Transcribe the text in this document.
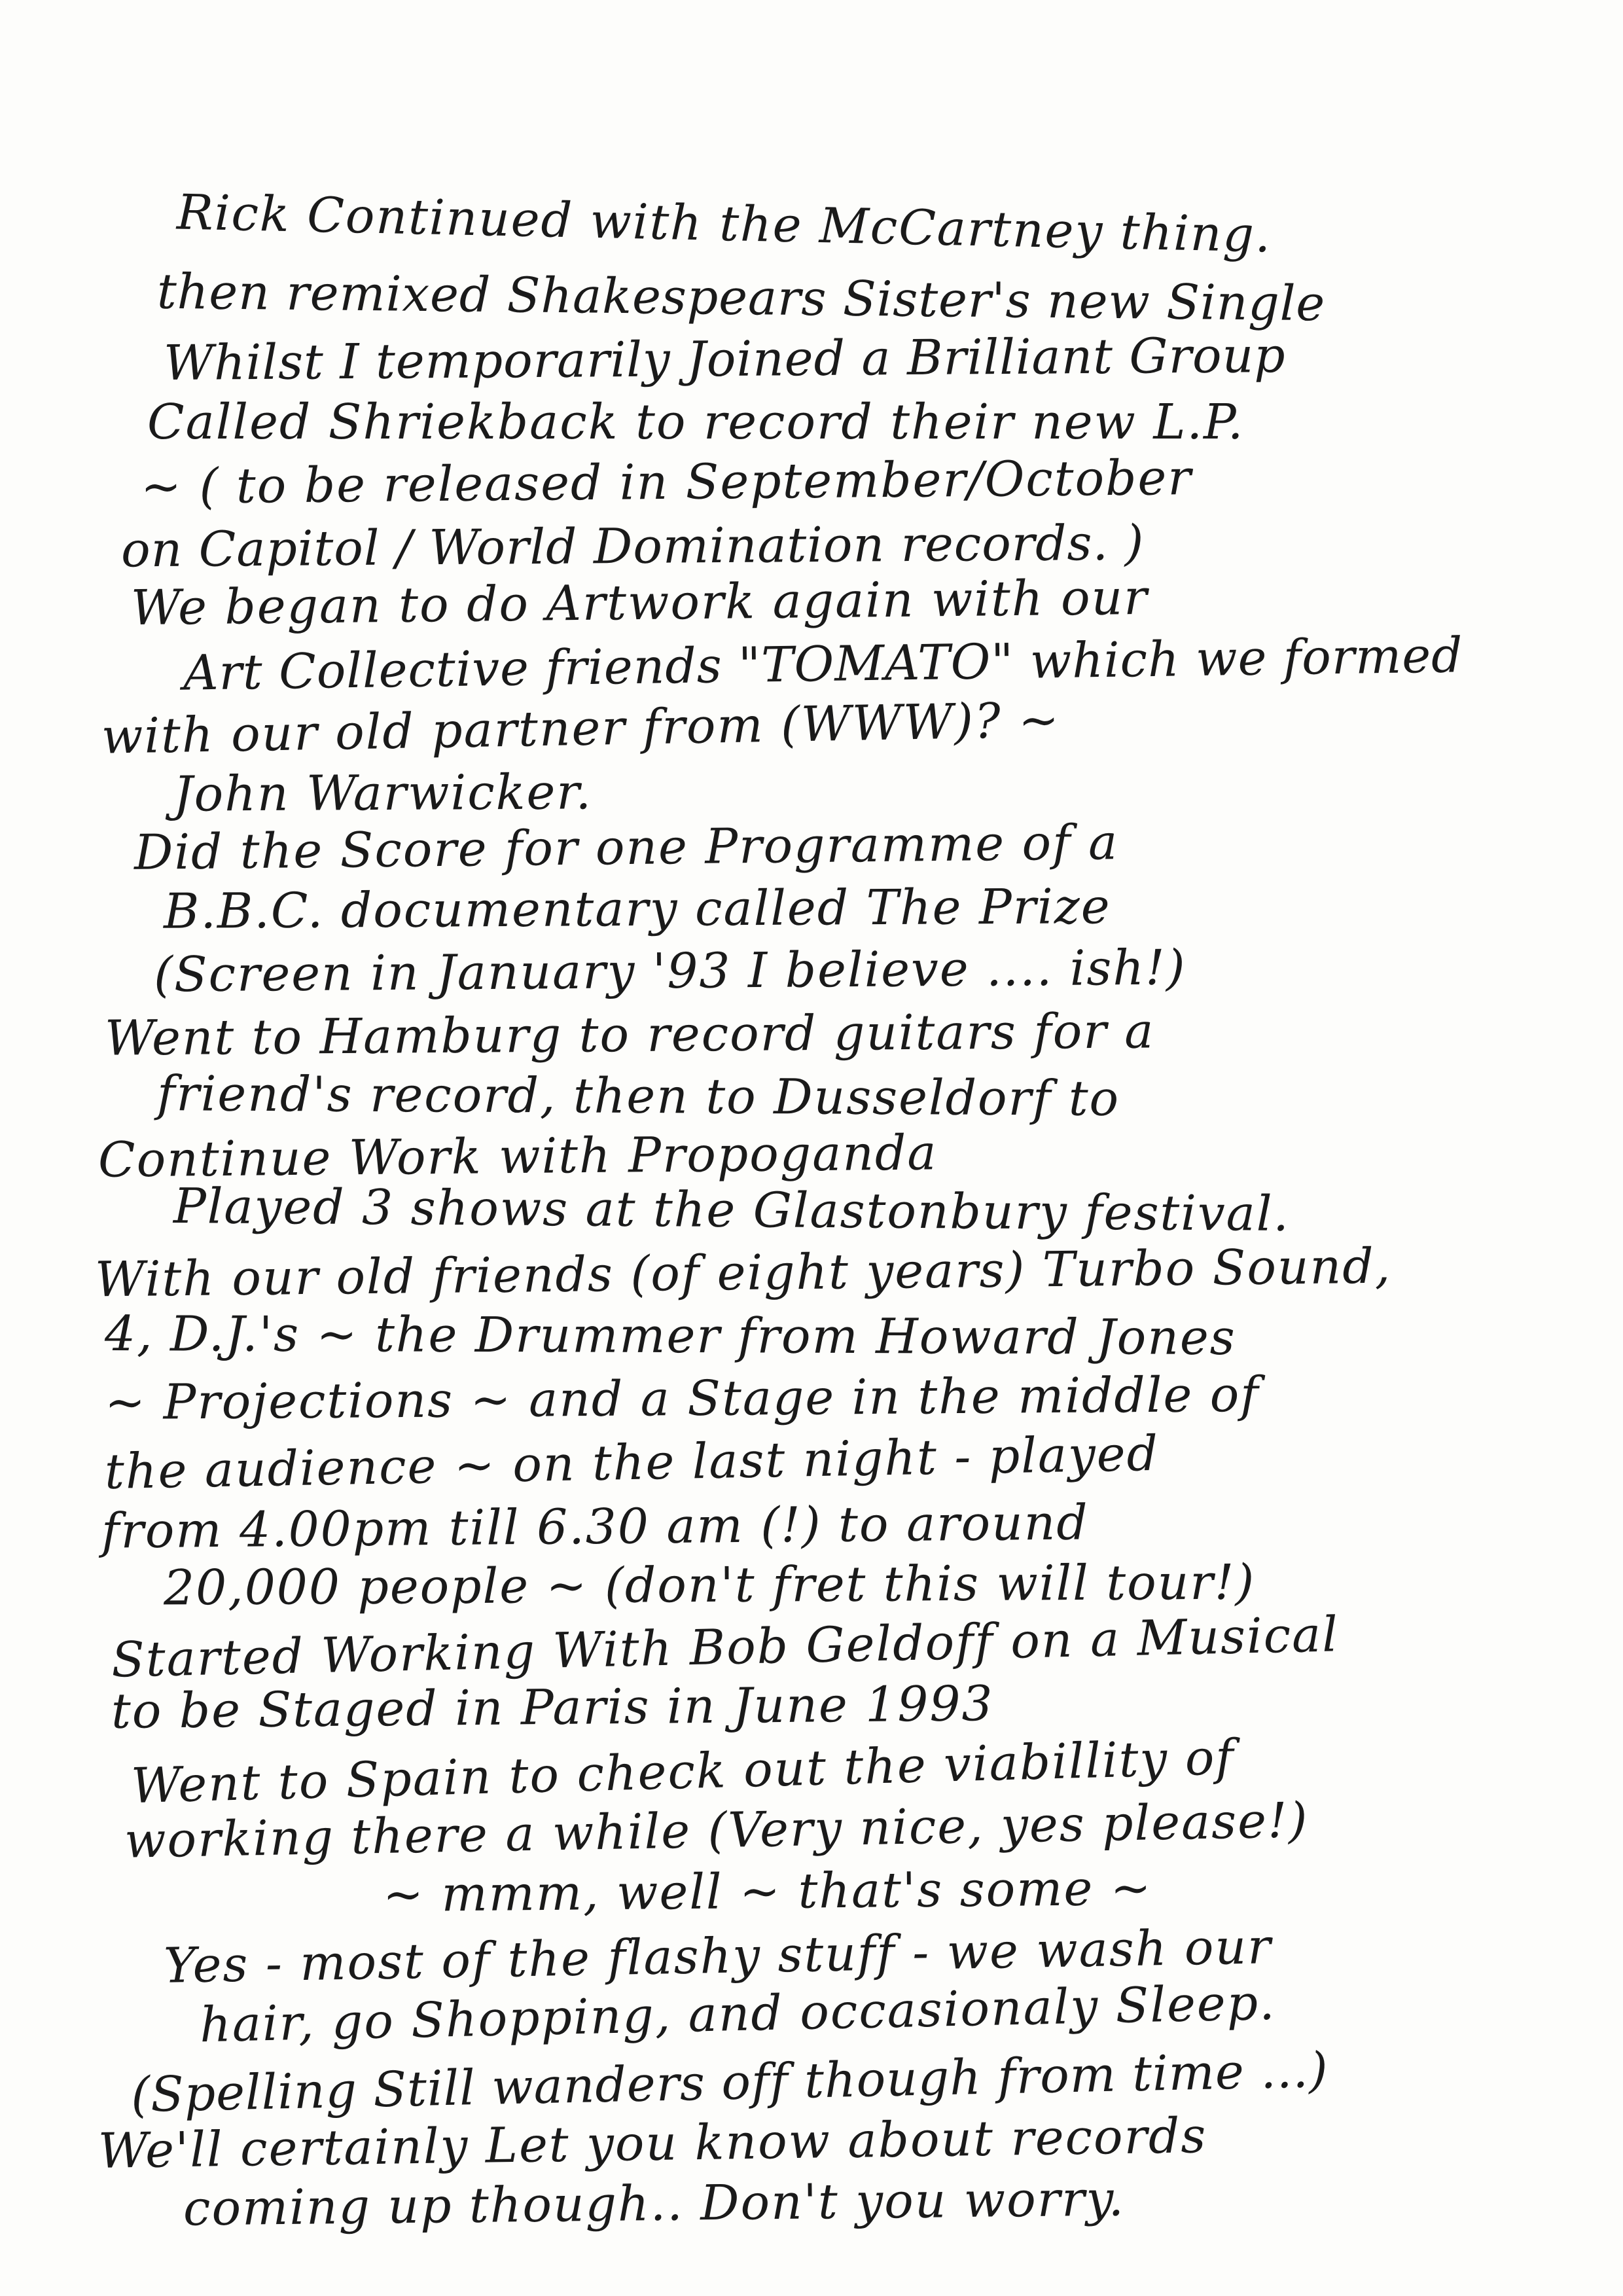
Rick Continued with the McCartney thing.
then remixed Shakespears Sister's new Single
Whilst I temporarily Joined a Brilliant Group
Called Shriekback to record their new L.P.
~ ( to be released in September/October
on Capitol / World Domination records. )
We began to do Artwork again with our
Art Collective friends "TOMATO" which we formed
with our old partner from (WWW)? ~
John Warwicker.
Did the Score for one Programme of a
B.B.C. documentary called The Prize
(Screen in January '93 I believe .... ish!)
Went to Hamburg to record guitars for a
friend's record, then to Dusseldorf to
Continue Work with Propoganda
Played 3 shows at the Glastonbury festival.
With our old friends (of eight years) Turbo Sound,
4, D.J.'s ~ the Drummer from Howard Jones
~ Projections ~ and a Stage in the middle of
the audience ~ on the last night - played
from 4.00pm till 6.30 am (!) to around
20,000 people ~ (don't fret this will tour!)
Started Working With Bob Geldoff on a Musical
to be Staged in Paris in June 1993
Went to Spain to check out the viabillity of
working there a while (Very nice, yes please!)
~ mmm, well ~ that's some ~
Yes - most of the flashy stuff - we wash our
hair, go Shopping, and occasionaly Sleep.
(Spelling Still wanders off though from time ...)
We'll certainly Let you know about records
coming up though.. Don't you worry.
